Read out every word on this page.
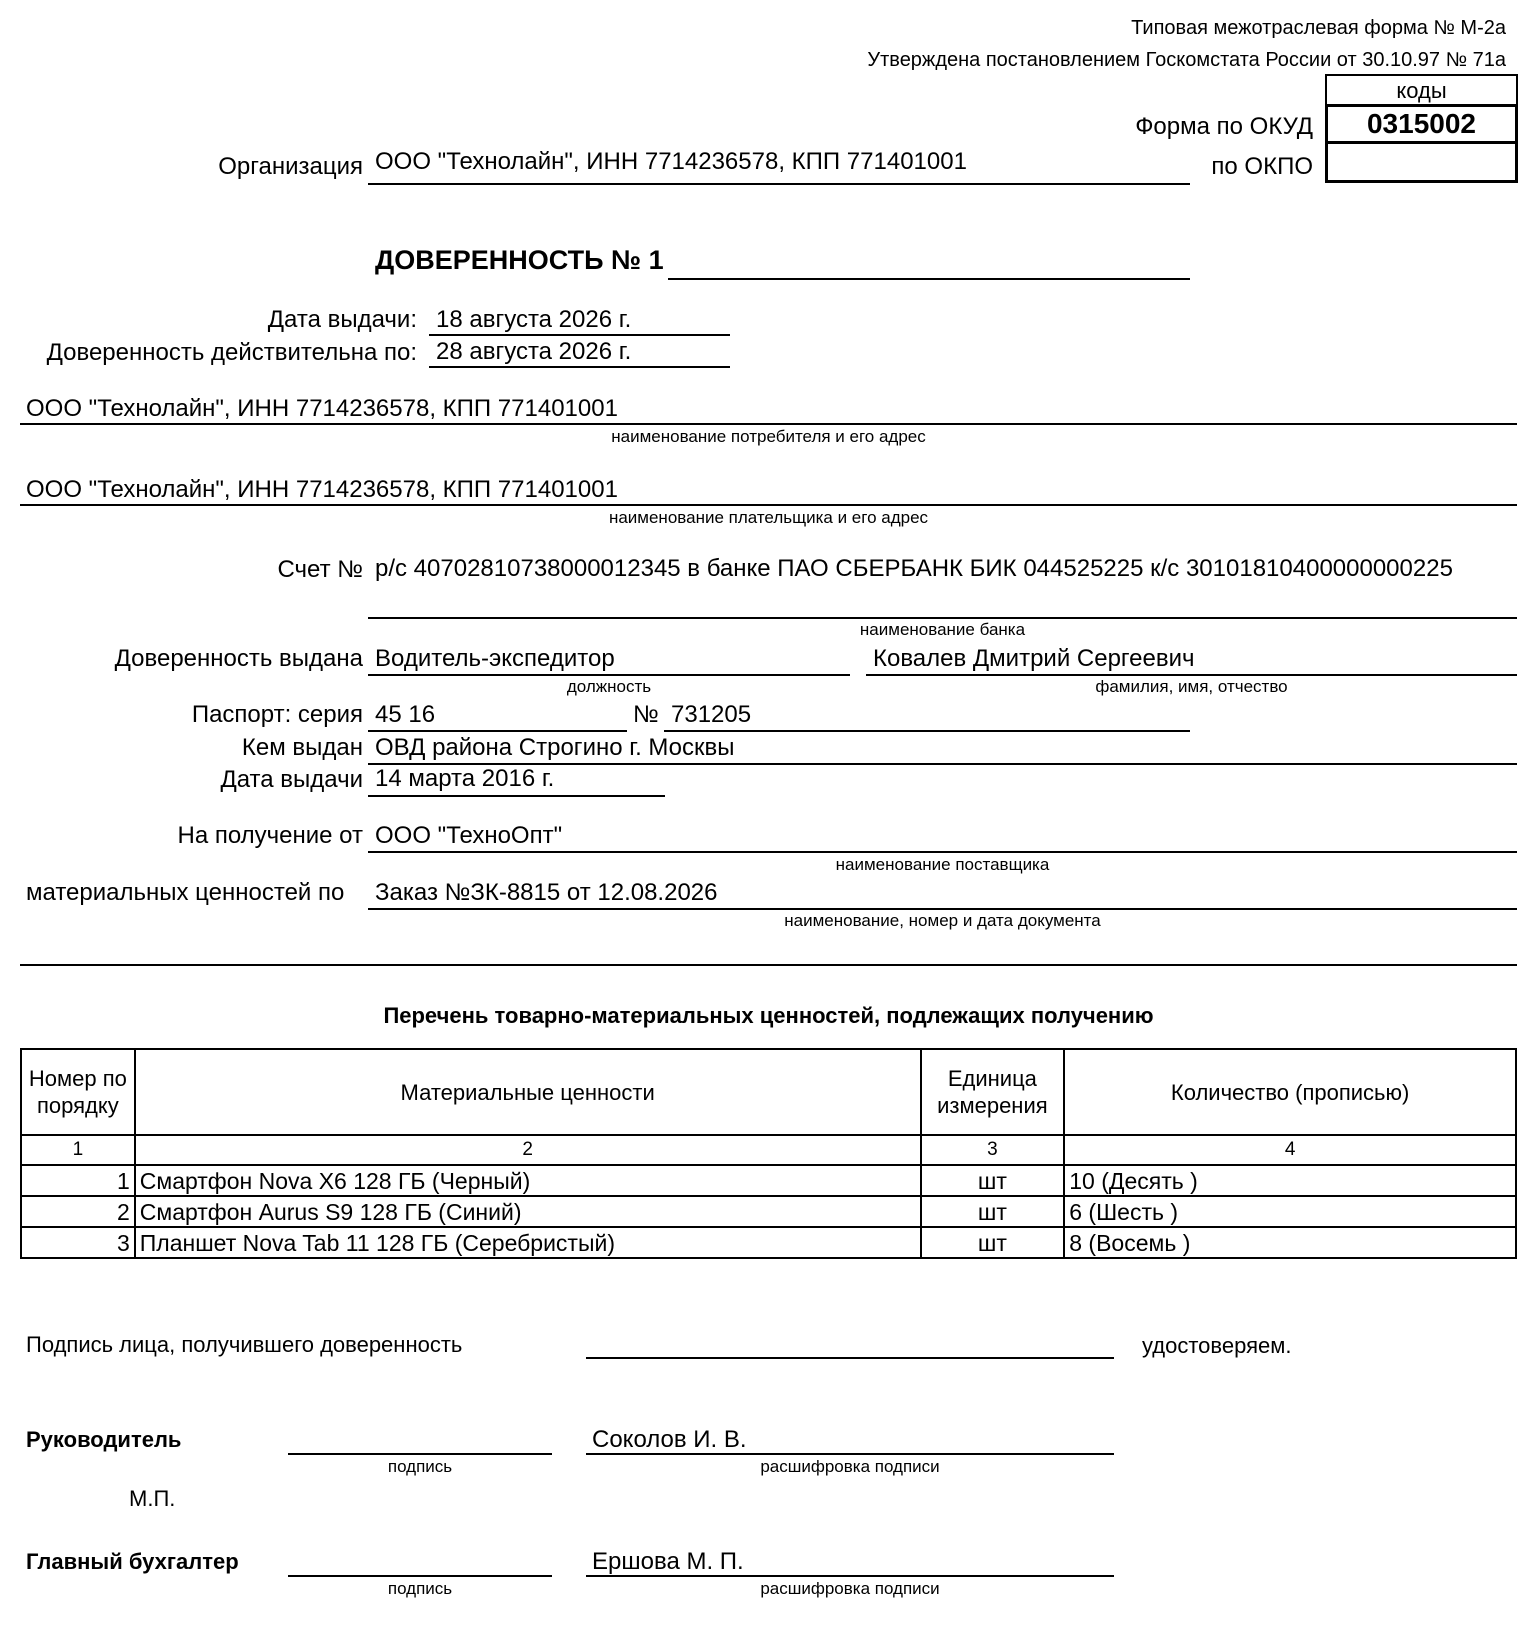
Типовая межотраслевая форма № М-2а
Утверждена постановлением Госкомстата России от 30.10.97 № 71а
коды
0315002
Форма по ОКУД
по ОКПО
Организация ООО "Технолайн", ИНН 7714236578, КПП 771401001
ДОВЕРЕННОСТЬ № 1
Дата выдачи: 18 августа 2026 г.
Доверенность действительна по: 28 августа 2026 г.
ООО "Технолайн", ИНН 7714236578, КПП 771401001
наименование потребителя и его адрес
ООО "Технолайн", ИНН 7714236578, КПП 771401001
наименование плательщика и его адрес
Счет № р/с 40702810738000012345 в банке ПАО СБЕРБАНК БИК 044525225 к/с 30101810400000000225
наименование банка
Доверенность выдана Водитель-экспедитор
должность
Ковалев Дмитрий Сергеевич
фамилия, имя, отчество
Паспорт: серия 45 16	№ 731205
Кем выдан ОВД района Строгино г. Москвы
Дата выдачи 14 марта 2016 г.
На получение от ООО "ТехноОпт"
наименование поставщика
материальных ценностей по Заказ №ЗК-8815 от 12.08.2026
наименование, номер и дата документа
Перечень товарно-материальных ценностей, подлежащих получению
Номер по порядку	Материальные ценности	Единица измерения	Количество (прописью)
1	2	3	4
1	Смартфон Nova X6 128 ГБ (Черный)	шт	10 (Десять )
2	Смартфон Aurus S9 128 ГБ (Синий)	шт	6 (Шесть )
3	Планшет Nova Tab 11 128 ГБ (Серебристый)	шт	8 (Восемь )
Подпись лица, получившего доверенность	удостоверяем.
Руководитель
подпись
Соколов И. В.
расшифровка подписи
М.П.
Главный бухгалтер
подпись
Ершова М. П.
расшифровка подписи
